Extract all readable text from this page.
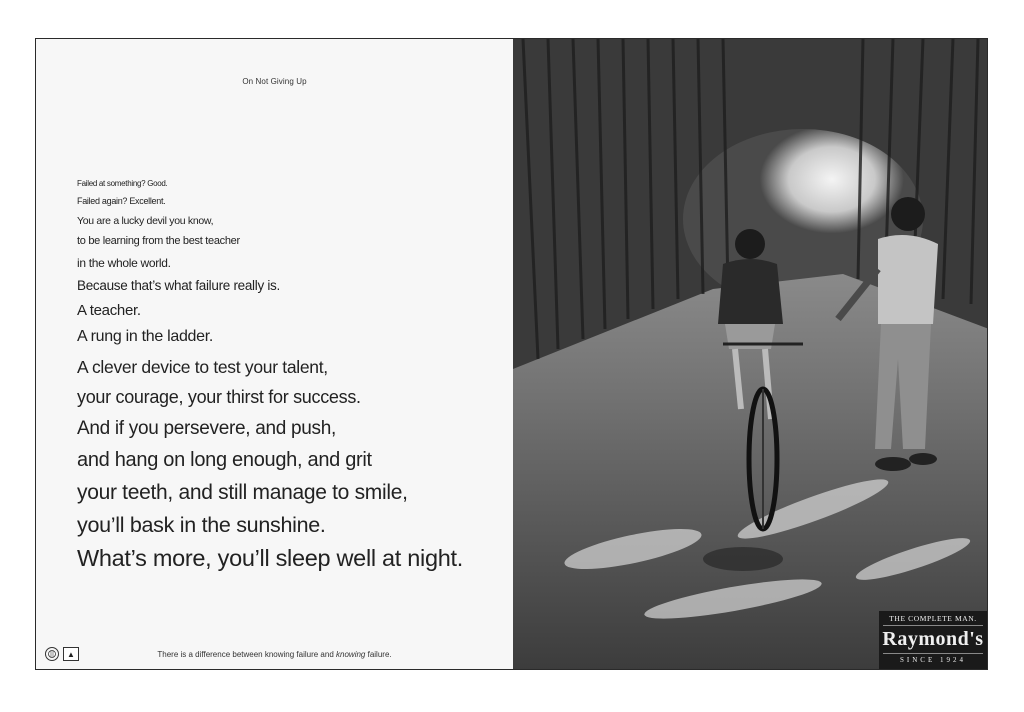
On Not Giving Up
Failed at something? Good.
Failed again? Excellent.
You are a lucky devil you know,
to be learning from the best teacher
in the whole world.
Because that’s what failure really is.
A teacher.
A rung in the ladder.
A clever device to test your talent,
your courage, your thirst for success.
And if you persevere, and push,
and hang on long enough, and grit
your teeth, and still manage to smile,
you’ll bask in the sunshine.
What’s more, you’ll sleep well at night.
▲	There is a difference between knowing failure and knowing failure.
THE COMPLETE MAN.
Raymond's
SINCE 1924
